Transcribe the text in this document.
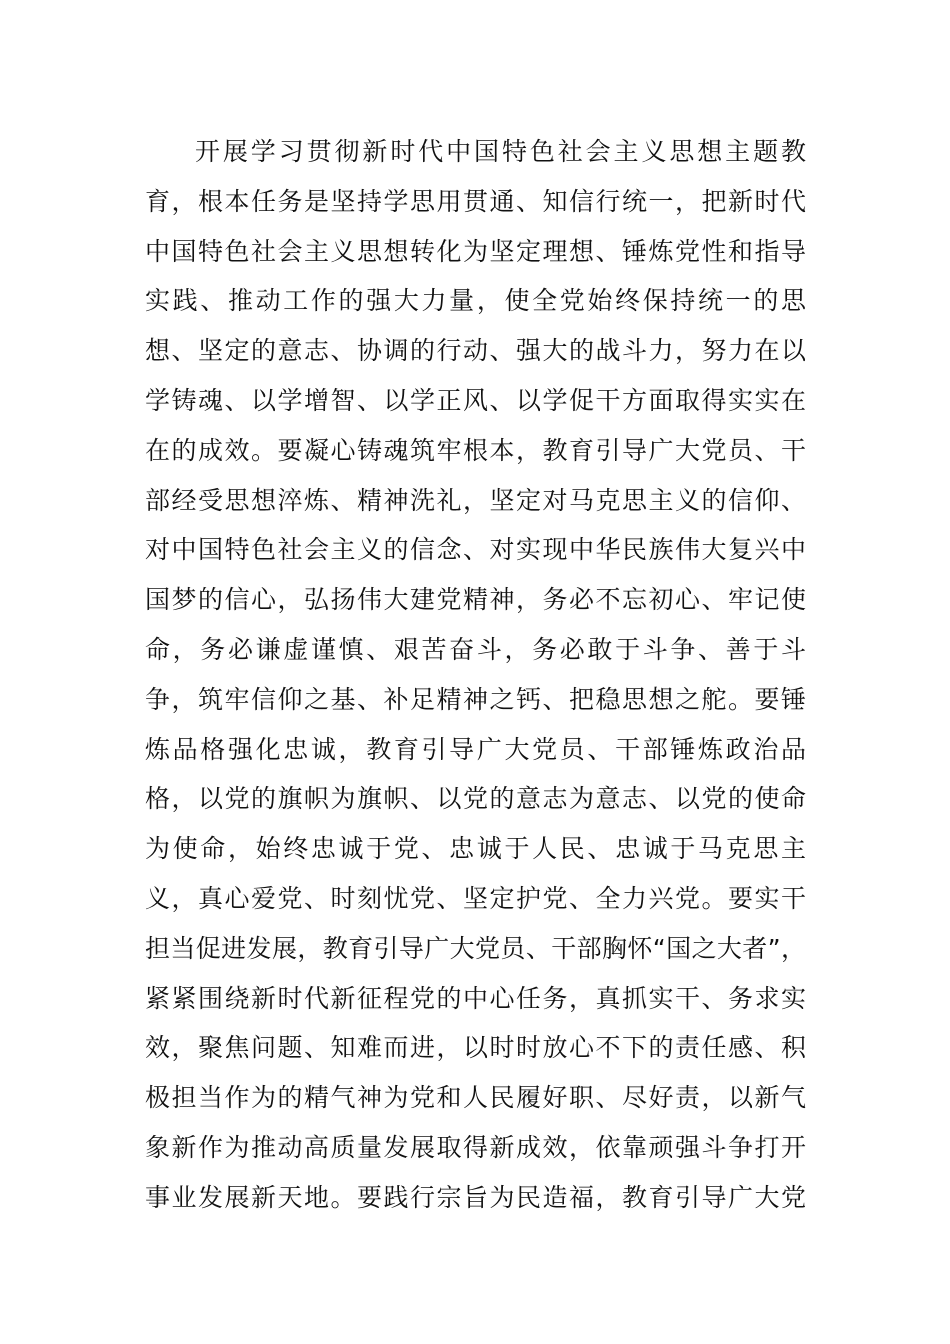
开展学习贯彻新时代中国特色社会主义思想主题教
育，根本任务是坚持学思用贯通、知信行统一，把新时代
中国特色社会主义思想转化为坚定理想、锤炼党性和指导
实践、推动工作的强大力量，使全党始终保持统一的思
想、坚定的意志、协调的行动、强大的战斗力，努力在以
学铸魂、以学增智、以学正风、以学促干方面取得实实在
在的成效。要凝心铸魂筑牢根本，教育引导广大党员、干
部经受思想淬炼、精神洗礼，坚定对马克思主义的信仰、
对中国特色社会主义的信念、对实现中华民族伟大复兴中
国梦的信心，弘扬伟大建党精神，务必不忘初心、牢记使
命，务必谦虚谨慎、艰苦奋斗，务必敢于斗争、善于斗
争，筑牢信仰之基、补足精神之钙、把稳思想之舵。要锤
炼品格强化忠诚，教育引导广大党员、干部锤炼政治品
格，以党的旗帜为旗帜、以党的意志为意志、以党的使命
为使命，始终忠诚于党、忠诚于人民、忠诚于马克思主
义，真心爱党、时刻忧党、坚定护党、全力兴党。要实干
担当促进发展，教育引导广大党员、干部胸怀“国之大者”，
紧紧围绕新时代新征程党的中心任务，真抓实干、务求实
效，聚焦问题、知难而进，以时时放心不下的责任感、积
极担当作为的精气神为党和人民履好职、尽好责，以新气
象新作为推动高质量发展取得新成效，依靠顽强斗争打开
事业发展新天地。要践行宗旨为民造福，教育引导广大党
